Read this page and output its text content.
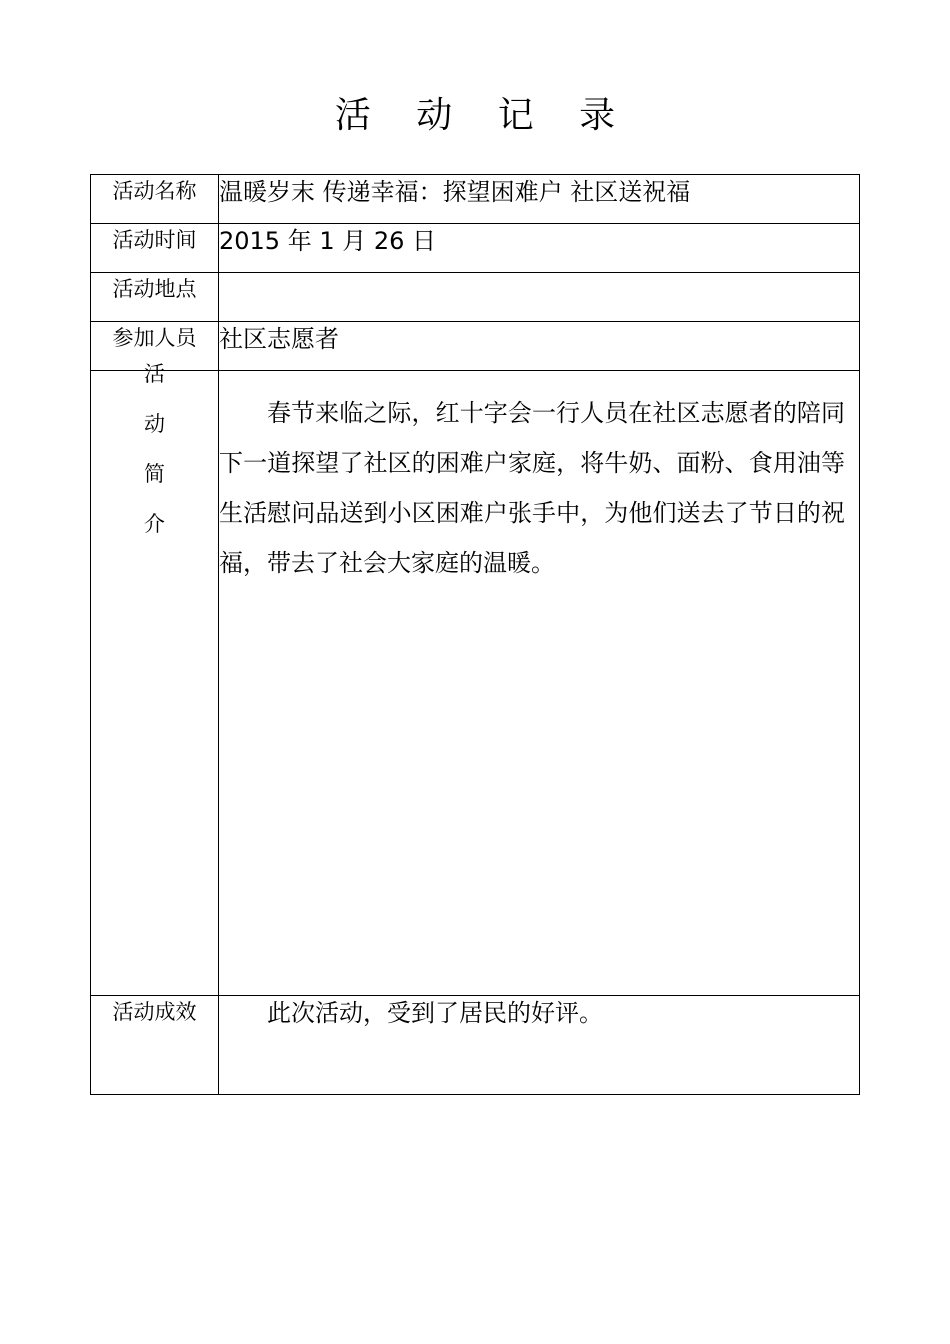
活 动 记 录
活动名称	温暖岁末 传递幸福：探望困难户 社区送祝福
活动时间	2015 年 1 月 26 日
活动地点	
参加人员	社区志愿者

活
动
简
介	春节来临之际，红十字会一行人员在社区志愿者的陪同下一道探望了社区的困难户家庭，将牛奶、面粉、食用油等生活慰问品送到小区困难户张手中，为他们送去了节日的祝福，带去了社会大家庭的温暖。

活动成效	此次活动，受到了居民的好评。
